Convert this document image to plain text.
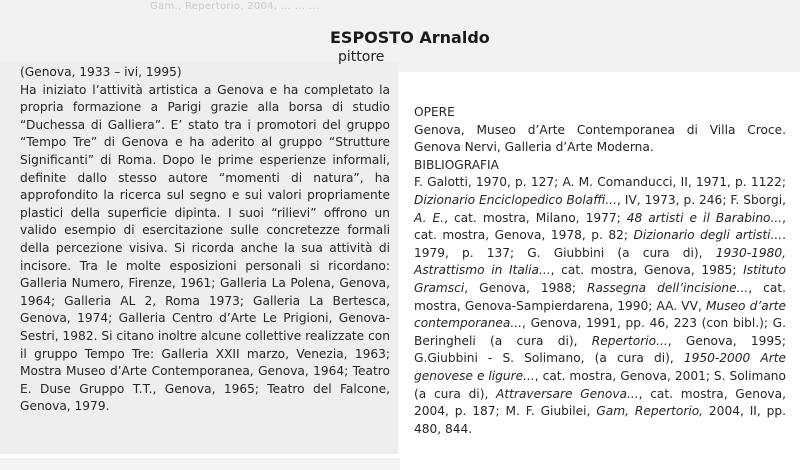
Gam., Repertorio, 2004, ... ... ...

ESPOSTO Arnaldo

pittore

(Genova, 1933 – ivi, 1995)

Ha iniziato l’attività artistica a Genova e ha completato la propria formazione a Parigi grazie alla borsa di studio “Duchessa di Galliera”. E’ stato tra i promotori del gruppo “Tempo Tre” di Genova e ha aderito al gruppo “Strutture Significanti” di Roma. Dopo le prime esperienze informali, definite dallo stesso autore “momenti di natura”, ha approfondito la ricerca sul segno e sui valori propriamente plastici della superficie dipinta. I suoi “rilievi” offrono un valido esempio di esercitazione sulle concretezze formali della percezione visiva. Si ricorda anche la sua attività di incisore. Tra le molte esposizioni personali si ricordano: Galleria Numero, Firenze, 1961; Galleria La Polena, Genova, 1964; Galleria AL 2, Roma 1973; Galleria La Bertesca, Genova, 1974; Galleria Centro d’Arte Le Prigioni, Genova-Sestri, 1982. Si citano inoltre alcune collettive realizzate con il gruppo Tempo Tre: Galleria XXII marzo, Venezia, 1963; Mostra Museo d’Arte Contemporanea, Genova, 1964; Teatro E. Duse Gruppo T.T., Genova, 1965; Teatro del Falcone, Genova, 1979.

OPERE

Genova, Museo d’Arte Contemporanea di Villa Croce. Genova Nervi, Galleria d’Arte Moderna.

BIBLIOGRAFIA

F. Galotti, 1970, p. 127; A. M. Comanducci, II, 1971, p. 1122; Dizionario Enciclopedico Bolaffi..., IV, 1973, p. 246; F. Sborgi, A. E., cat. mostra, Milano, 1977; 48 artisti e il Barabino..., cat. mostra, Genova, 1978, p. 82; Dizionario degli artisti.... 1979, p. 137; G. Giubbini (a cura di), 1930-1980, Astrattismo in Italia..., cat. mostra, Genova, 1985; Istituto Gramsci, Genova, 1988; Rassegna dell’incisione..., cat. mostra, Genova-Sampierdarena, 1990; AA. VV, Museo d’arte contemporanea..., Genova, 1991, pp. 46, 223 (con bibl.); G. Beringheli (a cura di), Repertorio..., Genova, 1995; G.Giubbini - S. Solimano, (a cura di), 1950-2000 Arte genovese e ligure..., cat. mostra, Genova, 2001; S. Solimano (a cura di), Attraversare Genova..., cat. mostra, Genova, 2004, p. 187; M. F. Giubilei, Gam, Repertorio, 2004, II, pp. 480, 844.
